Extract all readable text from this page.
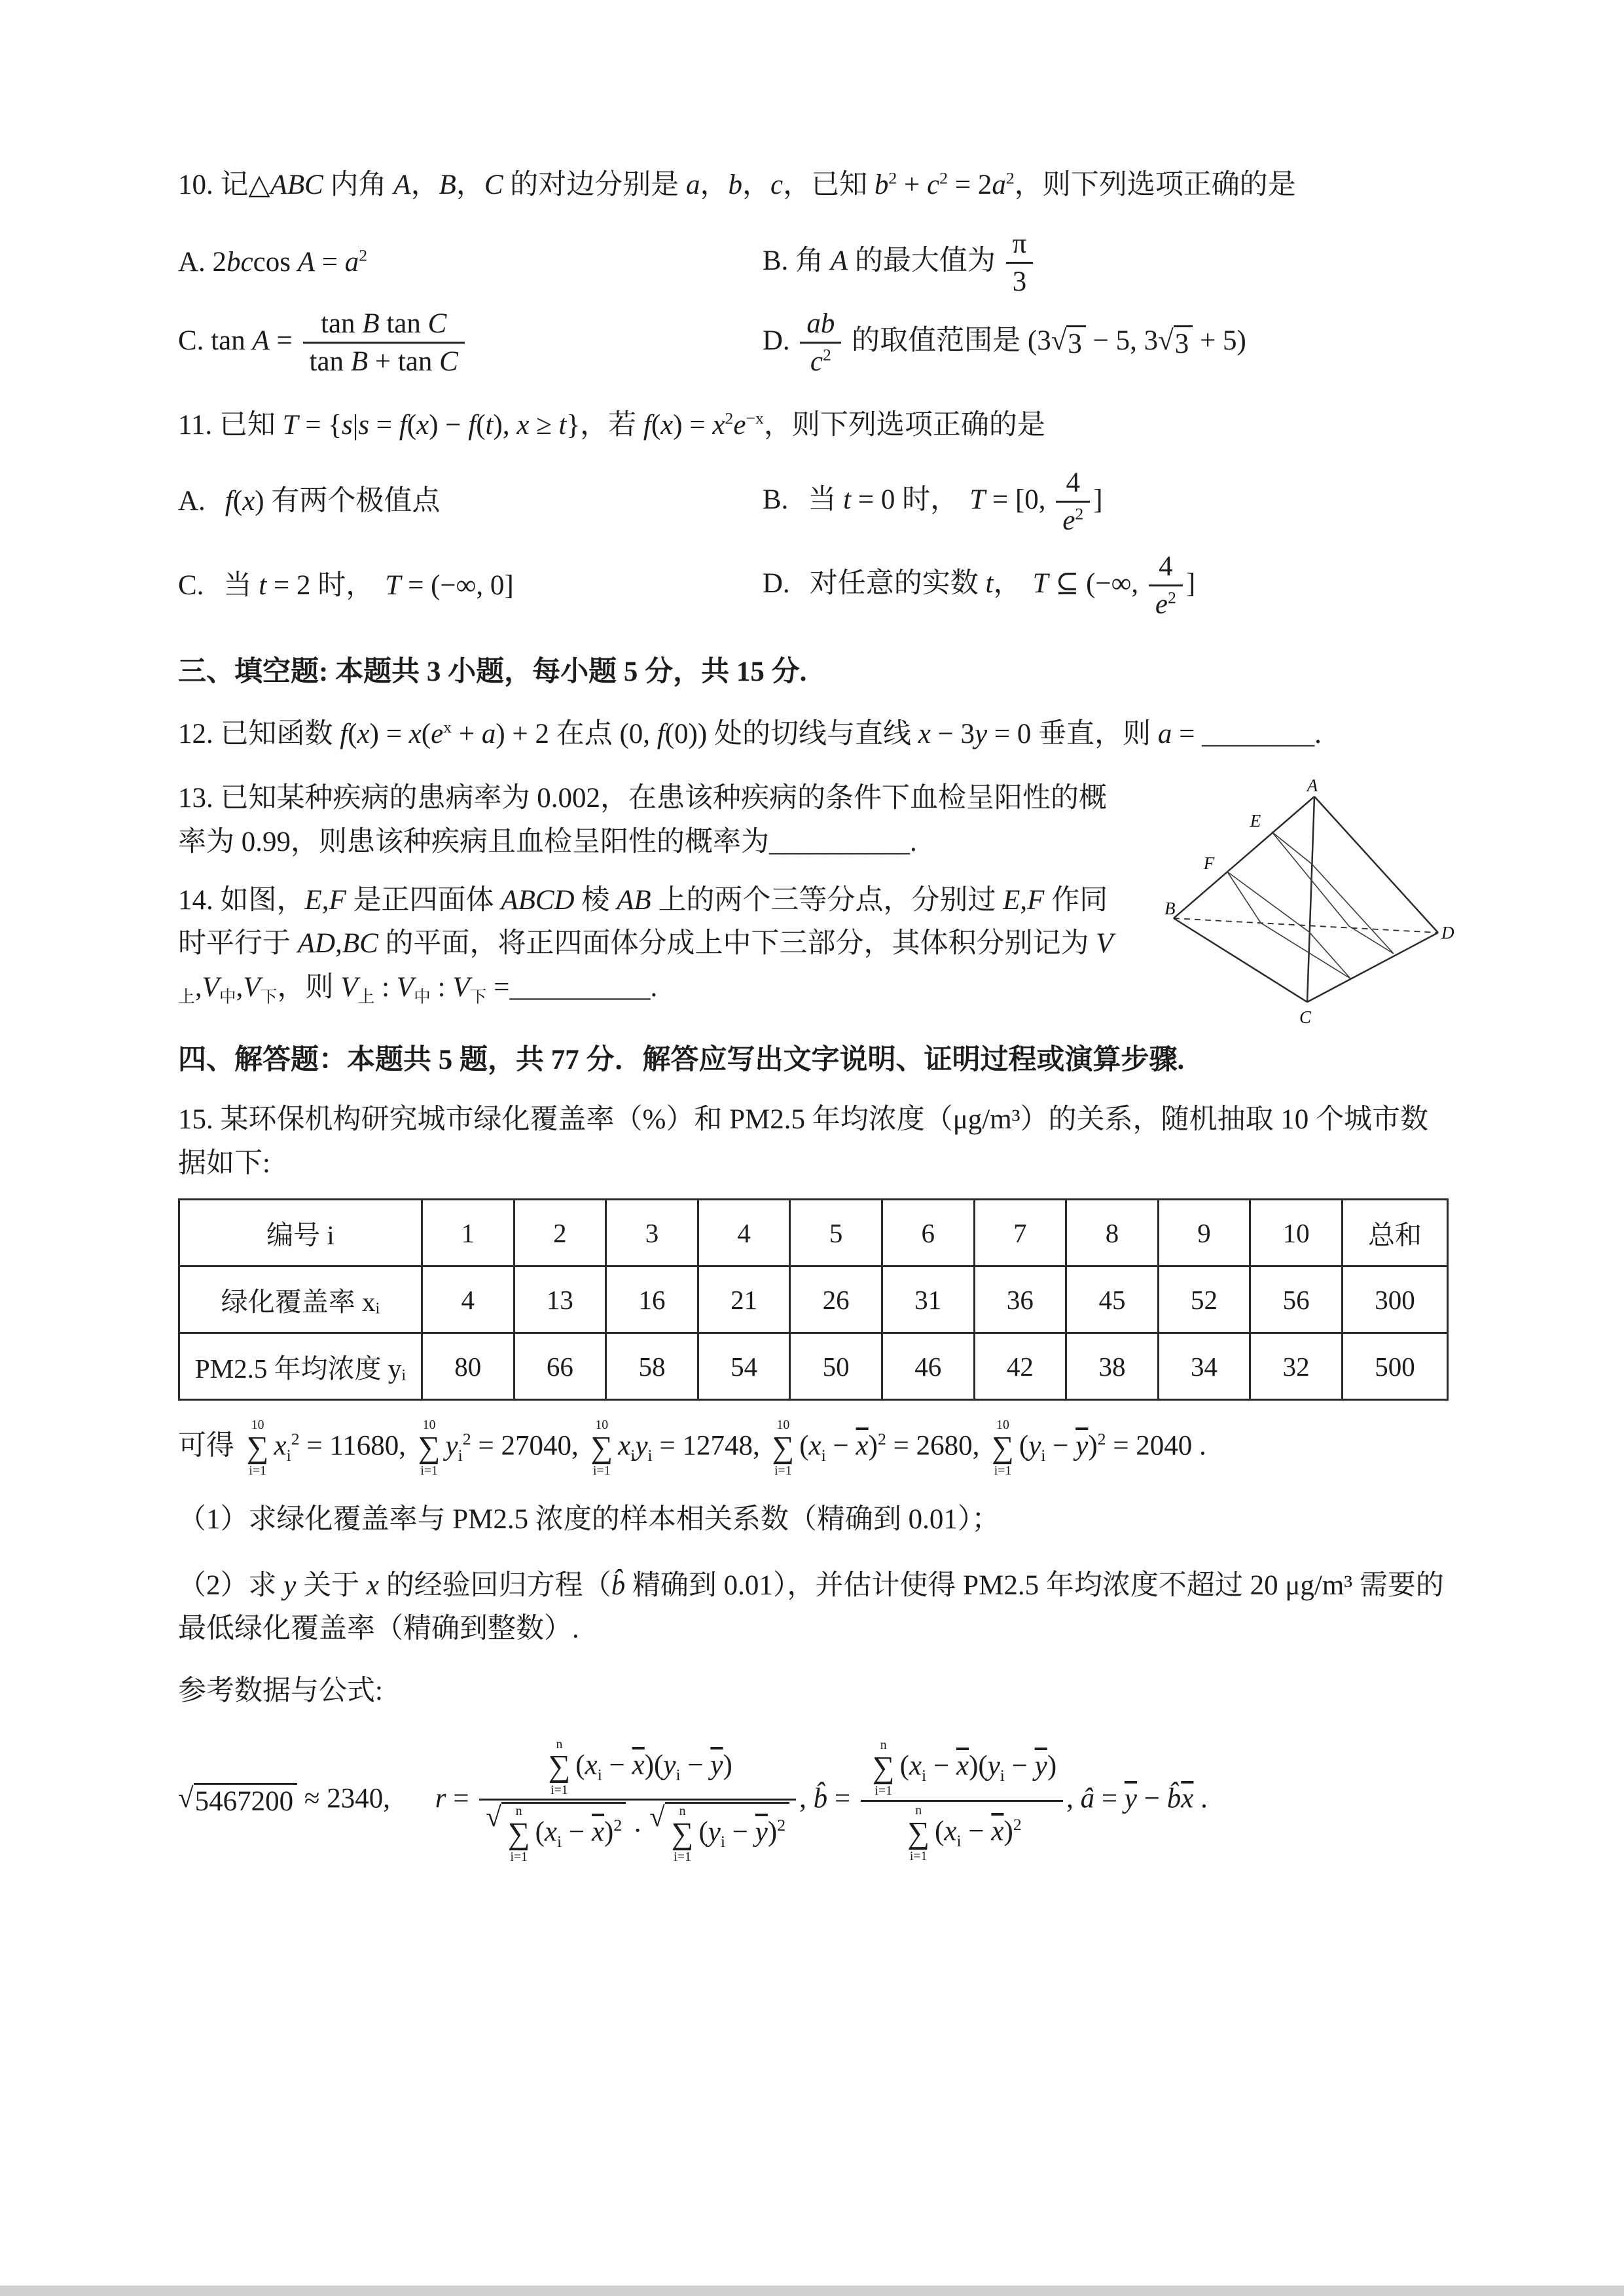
10. 记△ABC 内角 A，B，C 的对边分别是 a，b，c，已知 $b^2 + c^2 = 2a^2$，则下列选项正确的是
A. 2bccos $A = a^2$	B. 角 A 的最大值为 $\frac{\pi}{3}$
C. $\tan A = \frac{\text{tan B tan C}}{\text{tan B + tan C}}$	D. $\frac{ab}{c^2}$ 的取值范围是 (3 √ 3 − 5, 3 √ 3 + 5)
11. 已知 T = {s|s = f(x) − f(t), x ≥ t}，若 $f(x) = x^2e^{-x}$，则下列选项正确的是
A. f(x) 有两个极值点	B. 当 t = 0 时， T = [0, $\frac{4}{e^2}$ ]
C. 当 t = 2 时， T = (−∞, 0]	D. 对任意的实数 t， T ⊆ (−∞, $\frac{4}{e^2}$ ]
三、填空题: 本题共 3 小题，每小题 5 分，共 15 分.
12. 已知函数 $f(x) = x(e^x + a) + 2$ 在点 (0, f(0)) 处的切线与直线 x − 3y = 0 垂直，则 a = ________.
A
B
C
D
E
F
13. 已知某种疾病的患病率为 0.002，在患该种疾病的条件下血检呈阳性的概率为 0.99，则患该种疾病且血检呈阳性的概率为__________.
14. 如图，E,F 是正四面体 ABCD 棱 AB 上的两个三等分点，分别过 E,F 作同时平行于 AD,BC 的平面，将正四面体分成上中下三部分，其体积分别记为 $V_上,V_中,V_下$，则 $V_上$ : $V_中$ : $V_下$ =__________.
四、解答题：本题共 5 题，共 77 分．解答应写出文字说明、证明过程或演算步骤.
15. 某环保机构研究城市绿化覆盖率（%）和 PM2.5 年均浓度（μg/m³）的关系，随机抽取 10 个城市数据如下:
编号 i	1	2	3	4	5	6	7	8	9	10	总和
绿化覆盖率 xᵢ	4	13	16	21	26	31	36	45	52	56	300
PM2.5 年均浓度 yᵢ	80	66	58	54	50	46	42	38	34	32	500
可得
10
∑
i=1
$x_i^2 = 11680$,
10
∑
i=1
$y_i^2 = 27040$,
10
∑
i=1
$x_iy_i = 12748$,
10
∑
i=1
$(x_i - \overline{x})^2 = 2680$,
10
∑
i=1
$(y_i - \overline{y})^2 = 2040$ .
（1）求绿化覆盖率与 PM2.5 浓度的样本相关系数（精确到 0.01）；
（2）求 y 关于 x 的经验回归方程（b̂ 精确到 0.01），并估计使得 PM2.5 年均浓度不超过 20 μg/m³ 需要的最低绿化覆盖率（精确到整数）.
参考数据与公式:
√ 5467200 ≈ 2340, r = n
∑
i=1
$(x_i - \overline{x})(y_i - \overline{y})$
√ n
∑
i=1
$(x_i - \overline{x})^2$ · √ n
∑
i=1
$(y_i - \overline{y})^2$ , b̂ = n
∑
i=1
$(x_i - \overline{x})(y_i - \overline{y})$
n
∑
i=1
$(x_i - \overline{x})^2$ , â = $\overline{y}$ − $b̂\overline{x}$ .
